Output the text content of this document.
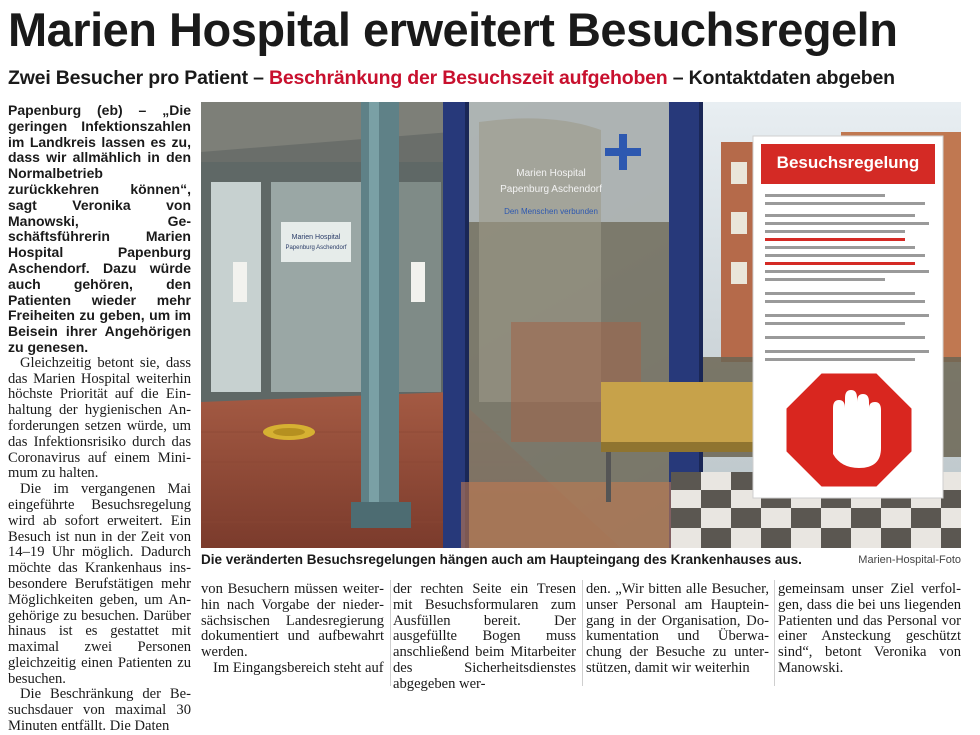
Marien Hospital erweitert Besuchsregeln
Zwei Besucher pro Patient – Beschränkung der Besuchszeit aufgehoben – Kontaktdaten abgeben

Papenburg (eb) – „Die geringen Infektionszahlen im Landkreis lassen es zu, dass wir allmählich in den Normalbetrieb zurückkehren können“, sagt Veronika von Manowski, Geschäftsführerin Marien Hospital Papenburg Aschendorf. Dazu würde auch gehören, den Patienten wieder mehr Freiheiten zu geben, um im Beisein ihrer Angehörigen zu genesen.

Gleichzeitig betont sie, dass das Marien Hospital weiterhin höchste Priorität auf die Einhaltung der hygienischen Anforderungen setzen würde, um das Infektionsrisiko durch das Coronavirus auf einem Minimum zu halten.

Die im vergangenen Mai eingeführte Besuchsregelung wird ab sofort erweitert. Ein Besuch ist nun in der Zeit von 14–19 Uhr möglich. Dadurch möchte das Krankenhaus insbesondere Berufstätigen mehr Möglichkeiten geben, um Angehörige zu besuchen. Darüber hinaus ist es gestattet mit maximal zwei Personen gleichzeitig einen Patienten zu besuchen.

Die Beschränkung der Besuchsdauer von maximal 30 Minuten entfällt. Die Daten

Marien Hospital
Papenburg Aschendorf
Marien Hospital
Papenburg Aschendorf
Den Menschen verbunden
Besuchsregelung
Die veränderten Besuchsregelungen hängen auch am Haupteingang des Krankenhauses aus.	Marien-Hospital-Foto

von Besuchern müssen weiterhin nach Vorgabe der niedersächsischen Landesregierung dokumentiert und aufbewahrt werden.

Im Eingangsbereich steht auf

der rechten Seite ein Tresen mit Besuchsformularen zum Ausfüllen bereit. Der ausgefüllte Bogen muss anschließend beim Mitarbeiter des Sicherheitsdienstes abgegeben wer-

den. „Wir bitten alle Besucher, unser Personal am Haupteingang in der Organisation, Dokumentation und Überwachung der Besuche zu unterstützen, damit wir weiterhin

gemeinsam unser Ziel verfolgen, dass die bei uns liegenden Patienten und das Personal vor einer Ansteckung geschützt sind“, betont Veronika von Manowski.
